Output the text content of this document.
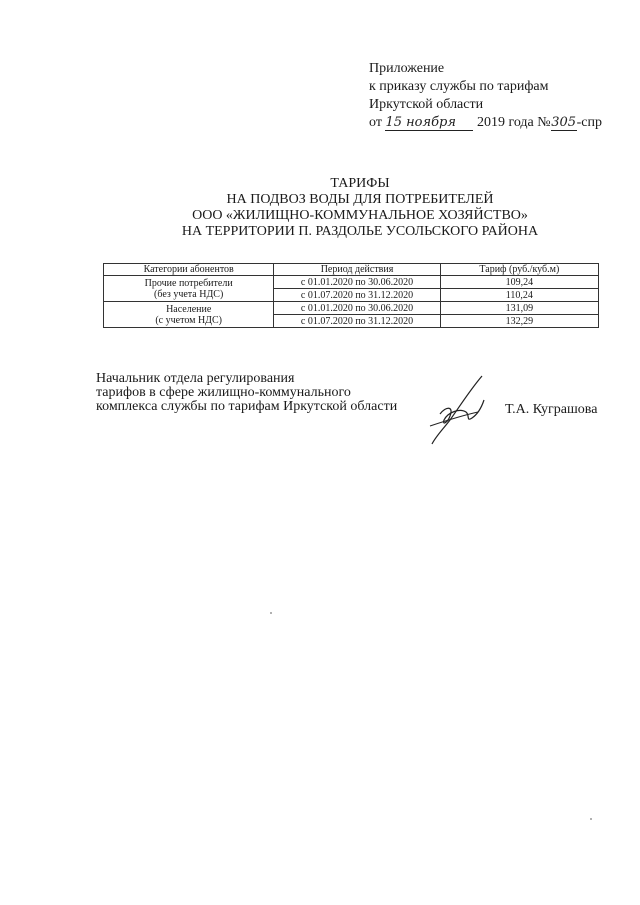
Приложение
к приказу службы по тарифам
Иркутской области
от 15 ноября 2019 года №305-спр
ТАРИФЫ
НА ПОДВОЗ ВОДЫ ДЛЯ ПОТРЕБИТЕЛЕЙ
ООО «ЖИЛИЩНО-КОММУНАЛЬНОЕ ХОЗЯЙСТВО»
НА ТЕРРИТОРИИ П. РАЗДОЛЬЕ УСОЛЬСКОГО РАЙОНА
Категории абонентов	Период действия	Тариф (руб./куб.м)

Прочие потребители
(без учета НДС)	с 01.01.2020 по 30.06.2020	109,24
	с 01.07.2020 по 31.12.2020	110,24

Население
(с учетом НДС)	с 01.01.2020 по 30.06.2020	131,09
	с 01.07.2020 по 31.12.2020	132,29
Начальник отдела регулирования
тарифов в сфере жилищно-коммунального
комплекса службы по тарифам Иркутской области	Т.А. Куграшова
